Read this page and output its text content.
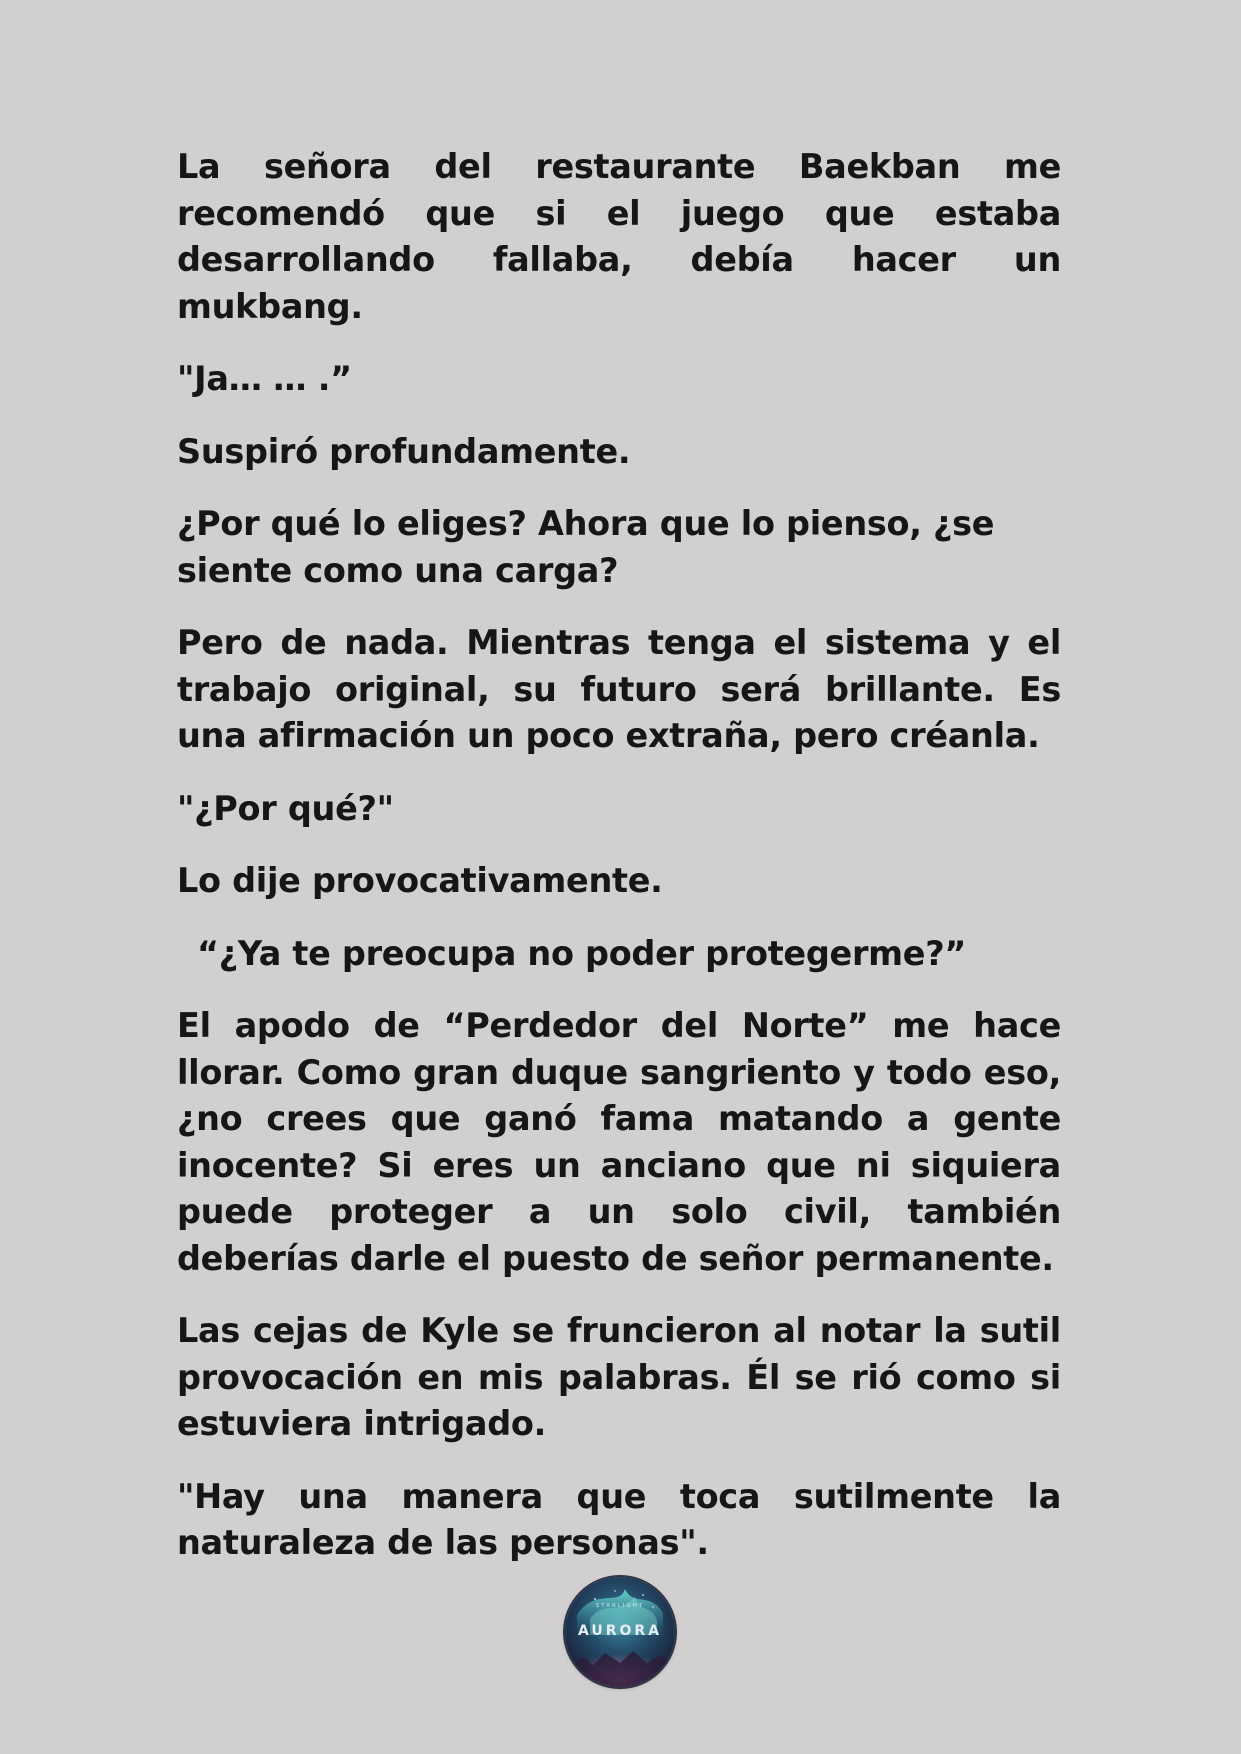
La señora del restaurante Baekban me recomendó que si el juego que estaba desarrollando fallaba, debía hacer un mukbang.

"Ja… … .”

Suspiró profundamente.

¿Por qué lo eliges? Ahora que lo pienso, ¿se siente como una carga?

Pero de nada. Mientras tenga el sistema y el trabajo original, su futuro será brillante. Es una afirmación un poco extraña, pero créanla.

"¿Por qué?"

Lo dije provocativamente.

“¿Ya te preocupa no poder protegerme?”

El apodo de “Perdedor del Norte” me hace llorar. Como gran duque sangriento y todo eso, ¿no crees que ganó fama matando a gente inocente? Si eres un anciano que ni siquiera puede proteger a un solo civil, también deberías darle el puesto de señor permanente.

Las cejas de Kyle se fruncieron al notar la sutil provocación en mis palabras. Él se rió como si estuviera intrigado.

"Hay una manera que toca sutilmente la naturaleza de las personas".

STARLIGHT
AURORA
